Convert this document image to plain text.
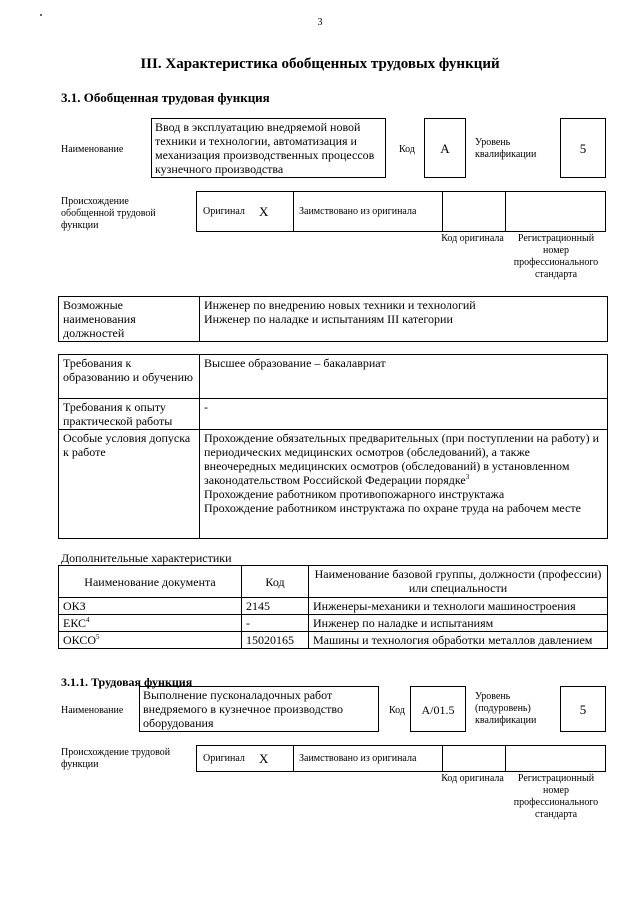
3
III. Характеристика обобщенных трудовых функций
3.1. Обобщенная трудовая функция
Наименование
Ввод в эксплуатацию внедряемой новой техники и технологии, автоматизация и механизация производственных процессов кузнечного производства
Код	А	Уровень квалификации	5
Происхождение обобщенной трудовой функции
Оригинал X	Заимствовано из оригинала
Код оригинала	Регистрационный номер профессионального стандарта
Возможные наименования должностей	Инженер по внедрению новых техники и технологий
Инженер по наладке и испытаниям III категории
Требования к образованию и обучению	Высшее образование – бакалавриат
Требования к опыту практической работы	-
Особые условия допуска к работе	Прохождение обязательных предварительных (при поступлении на работу) и периодических медицинских осмотров (обследований), а также внеочередных медицинских осмотров (обследований) в установленном законодательством Российской Федерации порядке$^3$
Прохождение работником противопожарного инструктажа
Прохождение работником инструктажа по охране труда на рабочем месте
Дополнительные характеристики
Наименование документа	Код	Наименование базовой группы, должности (профессии) или специальности
ОКЗ	2145	Инженеры-механики и технологи машиностроения
ЕКС$^4$	-	Инженер по наладке и испытаниям
ОКСО$^5$	15020165	Машины и технология обработки металлов давлением
3.1.1. Трудовая функция
Наименование
Выполнение пусконаладочных работ внедряемого в кузнечное производство оборудования
Код	А/01.5
Уровень (подуровень) квалификации
5
Происхождение трудовой функции
Оригинал X	Заимствовано из оригинала
Код оригинала	Регистрационный номер профессионального стандарта
